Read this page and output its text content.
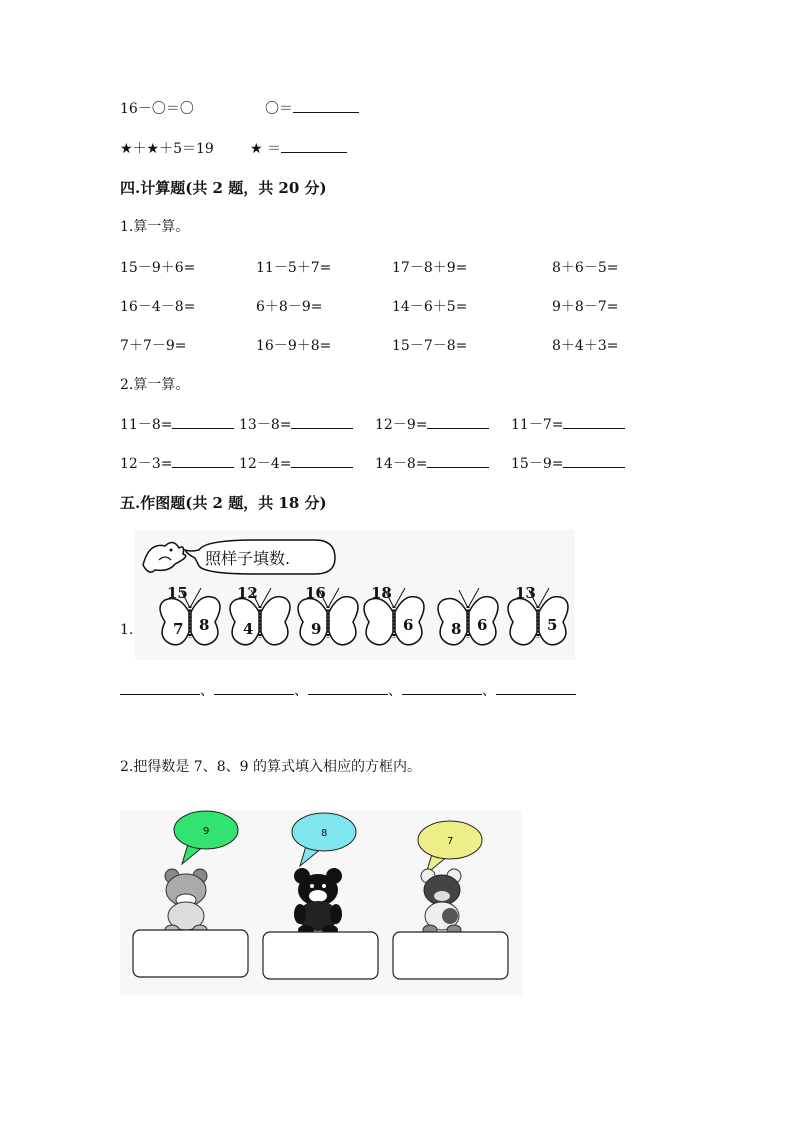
16－〇＝〇	〇＝
★＋★＋5＝19	★ ＝
四.计算题(共 2 题，共 20 分)
1.算一算。
15－9＋6=	11－5＋7=	17－8＋9=	8＋6－5=
16－4－8=	6＋8－9=	14－6＋5=	9＋8－7=
7＋7－9=	16－9＋8=	15－7－8=	8＋4＋3=
2.算一算。
11－8=	13－8=	12－9=	11－7=
12－3=	12－4=	14－8=	15－9=
五.作图题(共 2 题，共 18 分)
1.
照样子填数.
15
7 8
12
4
16
9
18
6	8 6
13
5
、	、	、	、
2.把得数是 7、8、9 的算式填入相应的方框内。
9	8
7
